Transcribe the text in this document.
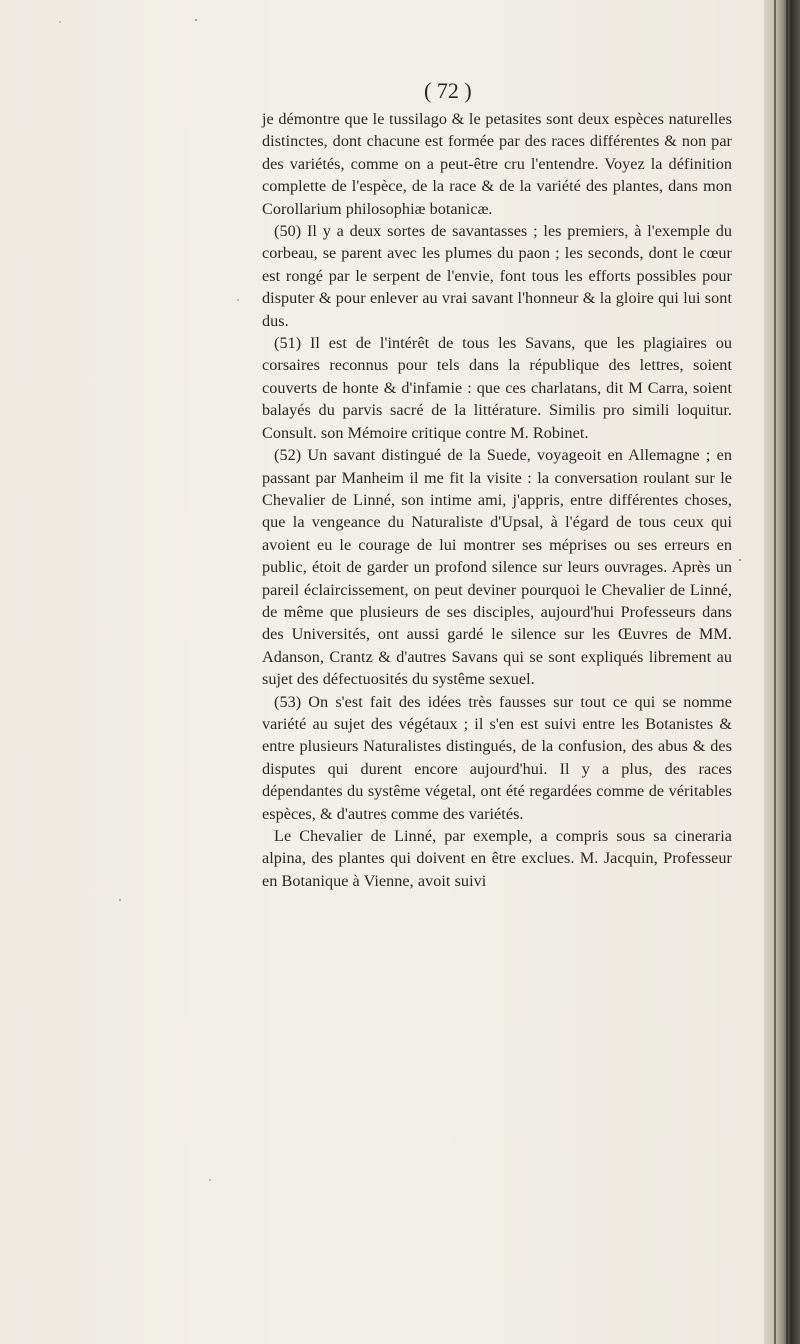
( 72 )

je démontre que le tussilago & le petasites sont deux espèces naturelles distinctes, dont chacune est formée par des races différentes & non par des variétés, comme on a peut-être cru l'entendre. Voyez la définition complette de l'espèce, de la race & de la variété des plantes, dans mon Corollarium philosophiæ botanicæ.

(50) Il y a deux sortes de savantasses ; les premiers, à l'exemple du corbeau, se parent avec les plumes du paon ; les seconds, dont le cœur est rongé par le serpent de l'envie, font tous les efforts possibles pour disputer & pour enlever au vrai savant l'honneur & la gloire qui lui sont dus.

(51) Il est de l'intérêt de tous les Savans, que les plagiaires ou corsaires reconnus pour tels dans la république des lettres, soient couverts de honte & d'infamie : que ces charlatans, dit M Carra, soient balayés du parvis sacré de la littérature. Similis pro simili loquitur. Consult. son Mémoire critique contre M. Robinet.

(52) Un savant distingué de la Suede, voyageoit en Allemagne ; en passant par Manheim il me fit la visite : la conversation roulant sur le Chevalier de Linné, son intime ami, j'appris, entre différentes choses, que la vengeance du Naturaliste d'Upsal, à l'égard de tous ceux qui avoient eu le courage de lui montrer ses méprises ou ses erreurs en public, étoit de garder un profond silence sur leurs ouvrages. Après un pareil éclaircissement, on peut deviner pourquoi le Chevalier de Linné, de même que plusieurs de ses disciples, aujourd'hui Professeurs dans des Universités, ont aussi gardé le silence sur les Œuvres de MM. Adanson, Crantz & d'autres Savans qui se sont expliqués librement au sujet des défectuosités du systême sexuel.

(53) On s'est fait des idées très fausses sur tout ce qui se nomme variété au sujet des végétaux ; il s'en est suivi entre les Botanistes & entre plusieurs Naturalistes distingués, de la confusion, des abus & des disputes qui durent encore aujourd'hui. Il y a plus, des races dépendantes du systême végetal, ont été regardées comme de véritables espèces, & d'autres comme des variétés.

Le Chevalier de Linné, par exemple, a compris sous sa cineraria alpina, des plantes qui doivent en être exclues. M. Jacquin, Professeur en Botanique à Vienne, avoit suivi
